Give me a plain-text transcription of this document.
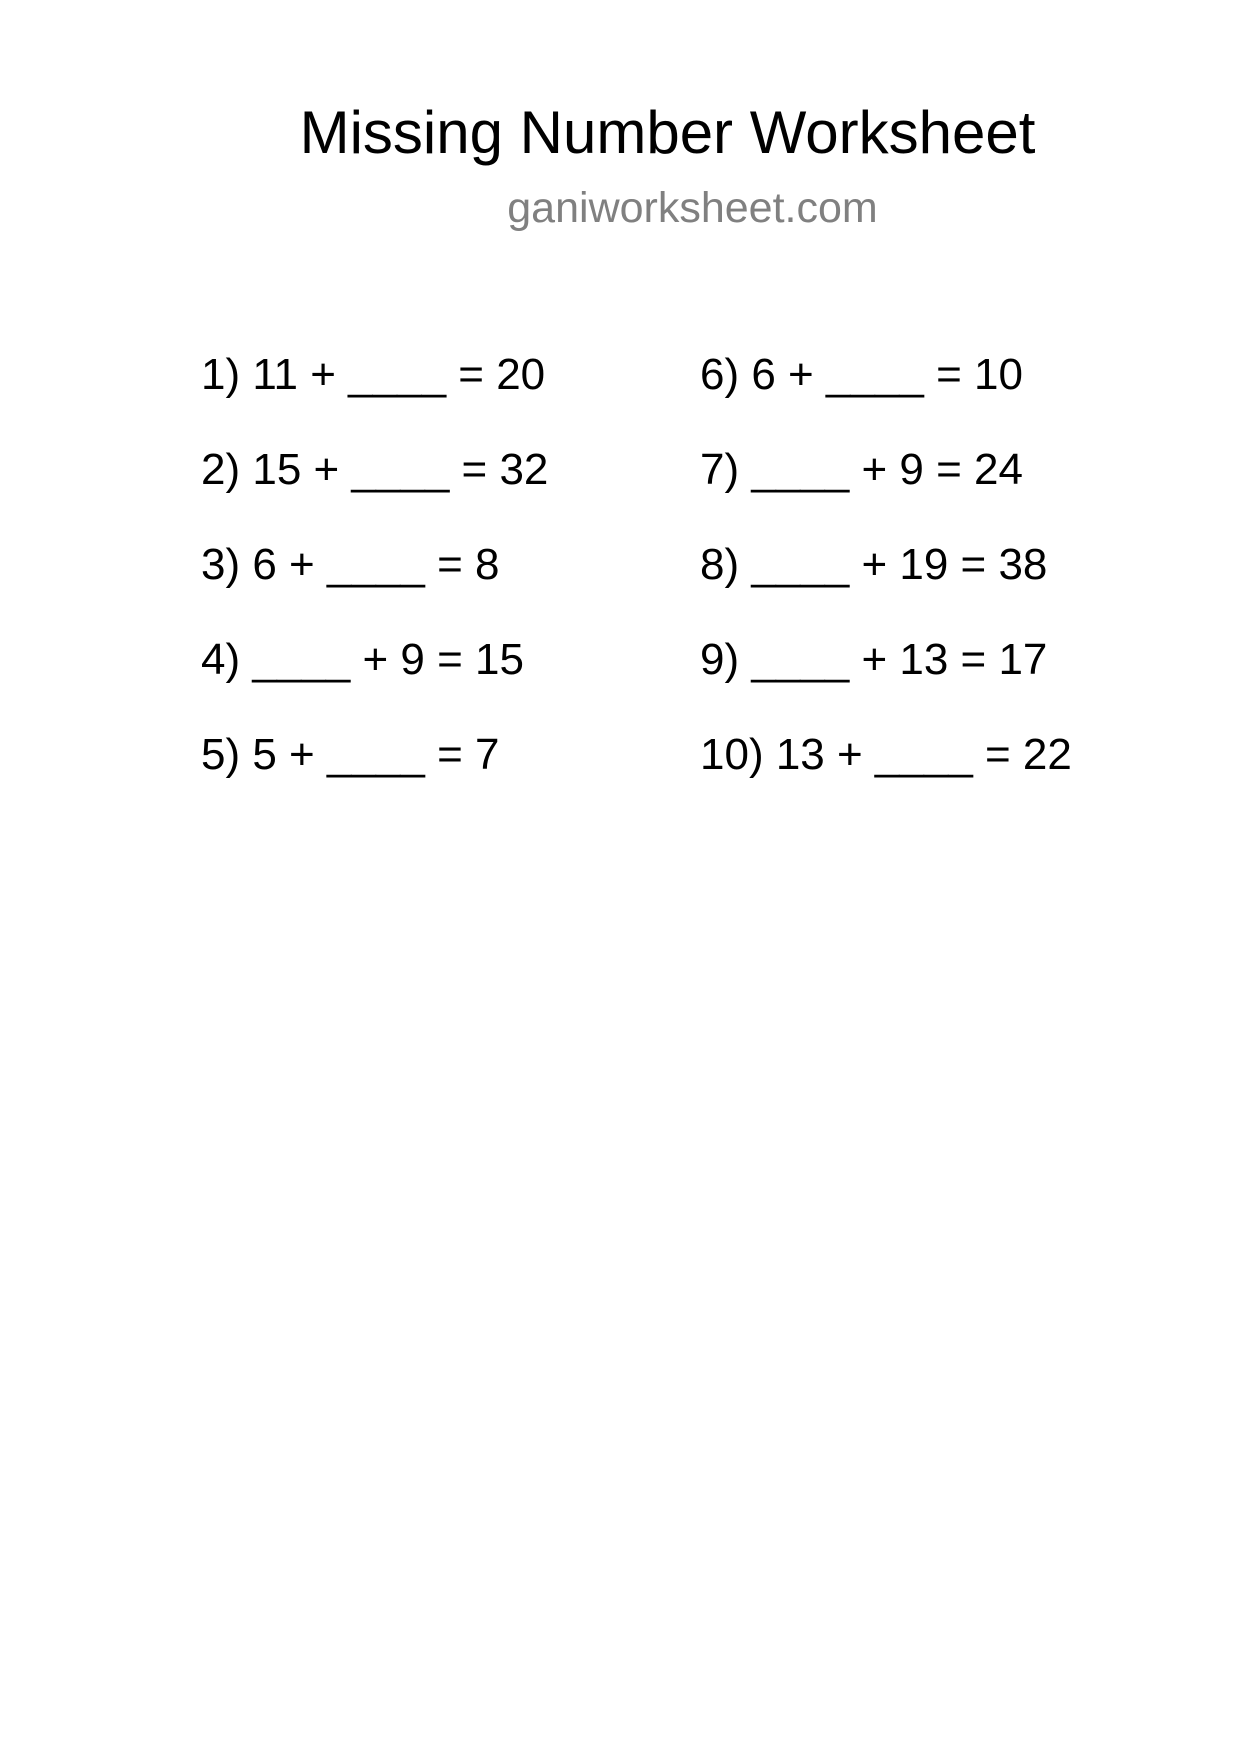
Missing Number Worksheet
ganiworksheet.com
1) 11 + ____ = 20
2) 15 + ____ = 32
3) 6 + ____ = 8
4) ____ + 9 = 15
5) 5 + ____ = 7
6) 6 + ____ = 10
7) ____ + 9 = 24
8) ____ + 19 = 38
9) ____ + 13 = 17
10) 13 + ____ = 22
